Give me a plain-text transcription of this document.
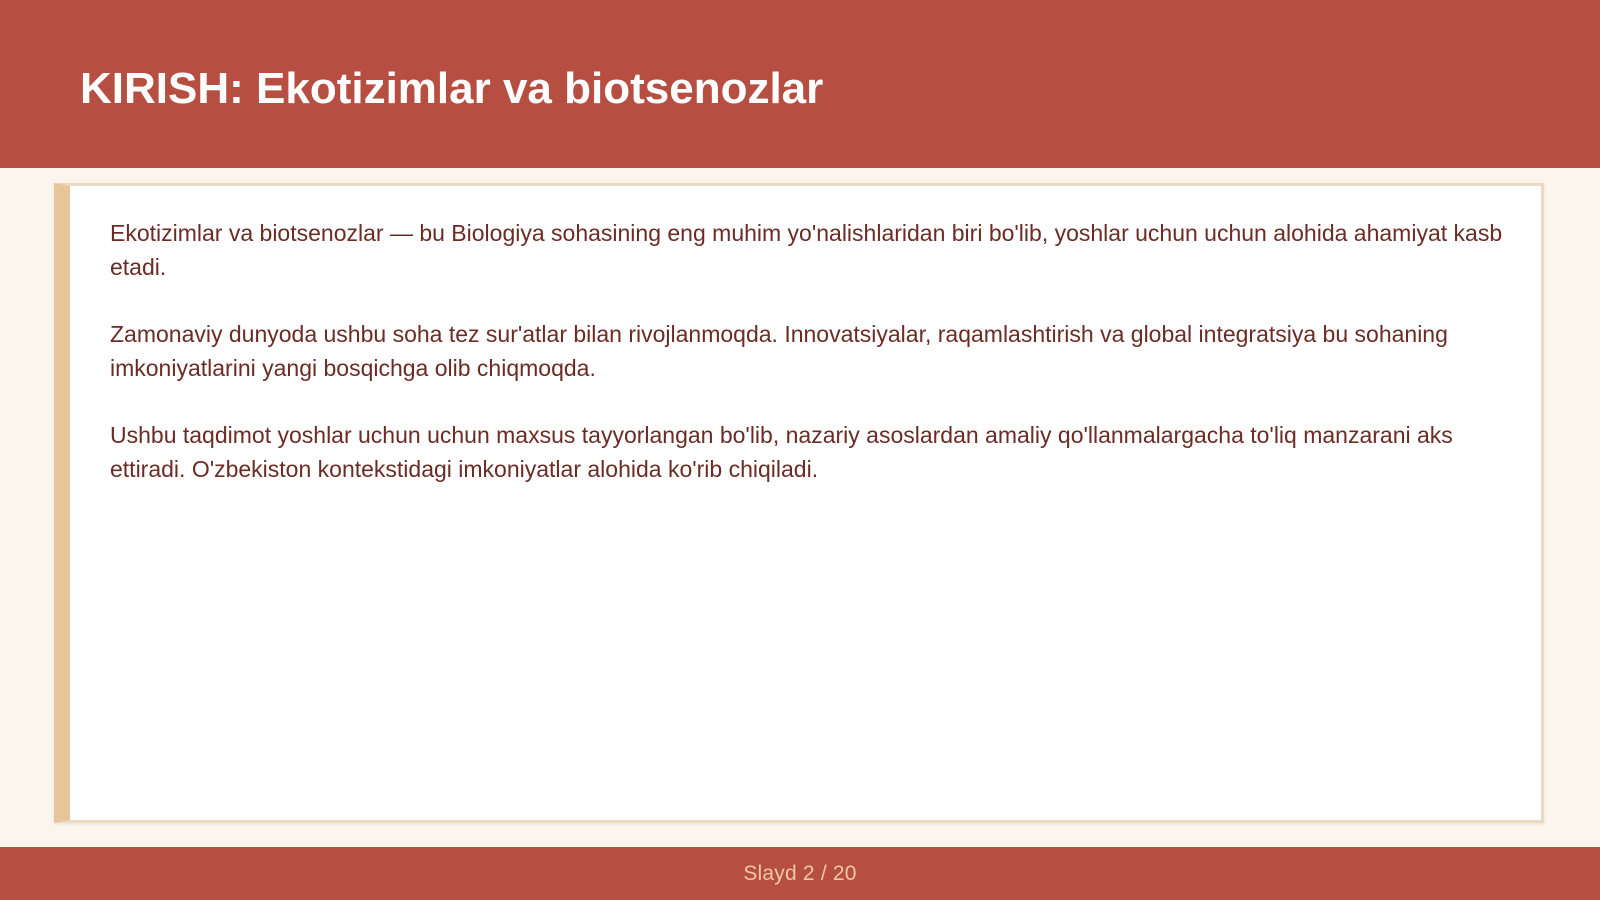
KIRISH: Ekotizimlar va biotsenozlar

Ekotizimlar va biotsenozlar — bu Biologiya sohasining eng muhim yo'nalishlaridan biri bo'lib, yoshlar uchun uchun alohida ahamiyat kasb etadi.

Zamonaviy dunyoda ushbu soha tez sur'atlar bilan rivojlanmoqda. Innovatsiyalar, raqamlashtirish va global integratsiya bu sohaning imkoniyatlarini yangi bosqichga olib chiqmoqda.

Ushbu taqdimot yoshlar uchun uchun maxsus tayyorlangan bo'lib, nazariy asoslardan amaliy qo'llanmalargacha to'liq manzarani aks ettiradi. O'zbekiston kontekstidagi imkoniyatlar alohida ko'rib chiqiladi.

Slayd 2 / 20
